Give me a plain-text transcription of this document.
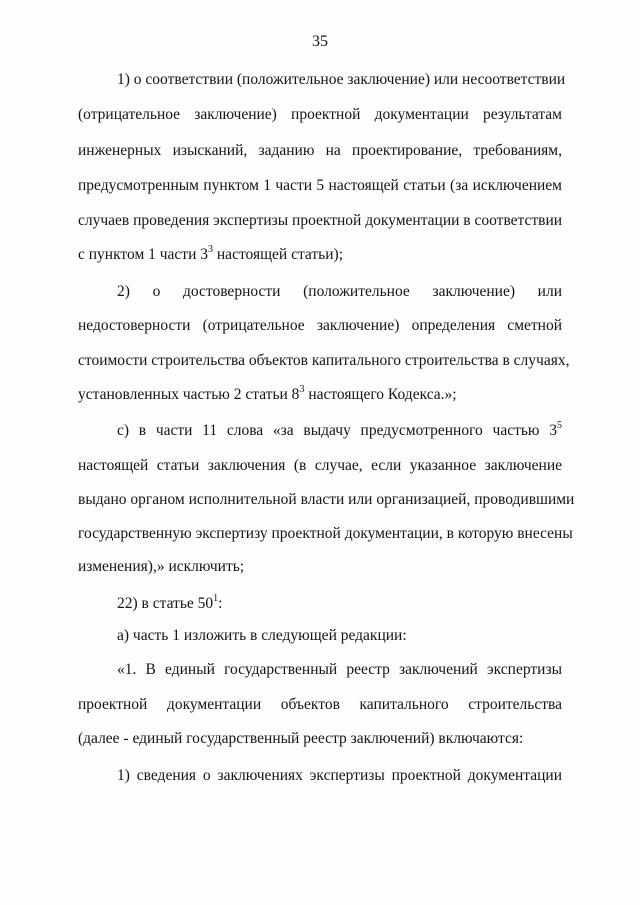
35
1) о соответствии (положительное заключение) или несоответствии
(отрицательное заключение) проектной документации результатам
инженерных изысканий, заданию на проектирование, требованиям,
предусмотренным пунктом 1 части 5 настоящей статьи (за исключением
случаев проведения экспертизы проектной документации в соответствии
с пунктом 1 части $3^3$ настоящей статьи);
2) о достоверности (положительное заключение) или
недостоверности (отрицательное заключение) определения сметной
стоимости строительства объектов капитального строительства в случаях,
установленных частью 2 статьи $8^3$ настоящего Кодекса.»;
с) в части 11 слова «за выдачу предусмотренного частью $3^5$
настоящей статьи заключения (в случае, если указанное заключение
выдано органом исполнительной власти или организацией, проводившими
государственную экспертизу проектной документации, в которую внесены
изменения),» исключить;
22) в статье $50^1$:
а) часть 1 изложить в следующей редакции:
«1. В единый государственный реестр заключений экспертизы
проектной документации объектов капитального строительства
(далее - единый государственный реестр заключений) включаются:
1) сведения о заключениях экспертизы проектной документации
